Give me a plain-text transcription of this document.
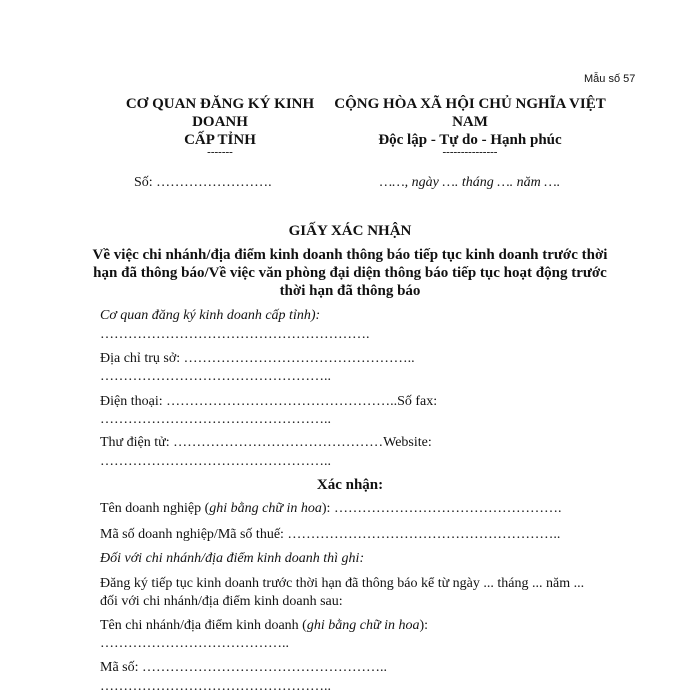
Mẫu số 57
CƠ QUAN ĐĂNG KÝ KINH
DOANH
CẤP TỈNH
-------
Số: …………………….
CỘNG HÒA XÃ HỘI CHỦ NGHĨA VIỆT
NAM
Độc lập - Tự do - Hạnh phúc
---------------
……, ngày …. tháng …. năm ….
GIẤY XÁC NHẬN
Về việc chi nhánh/địa điểm kinh doanh thông báo tiếp tục kinh doanh trước thời
hạn đã thông báo/Về việc văn phòng đại diện thông báo tiếp tục hoạt động trước
thời hạn đã thông báo
Cơ quan đăng ký kinh doanh cấp tỉnh):
………………………………………………….
Địa chỉ trụ sở: …………………………………………..
…………………………………………..
Điện thoại: …………………………………………..Số fax:
…………………………………………..
Thư điện tử: ………………………………………Website:
…………………………………………..
Xác nhận:
Tên doanh nghiệp (ghi bằng chữ in hoa): ………………………………………….
Mã số doanh nghiệp/Mã số thuế: …………………………………………………..
Đối với chi nhánh/địa điểm kinh doanh thì ghi:
Đăng ký tiếp tục kinh doanh trước thời hạn đã thông báo kể từ ngày ... tháng ... năm ...
đối với chi nhánh/địa điểm kinh doanh sau:
Tên chi nhánh/địa điểm kinh doanh (ghi bằng chữ in hoa):
…………………………………..
Mã số: ……………………………………………..
…………………………………………..
